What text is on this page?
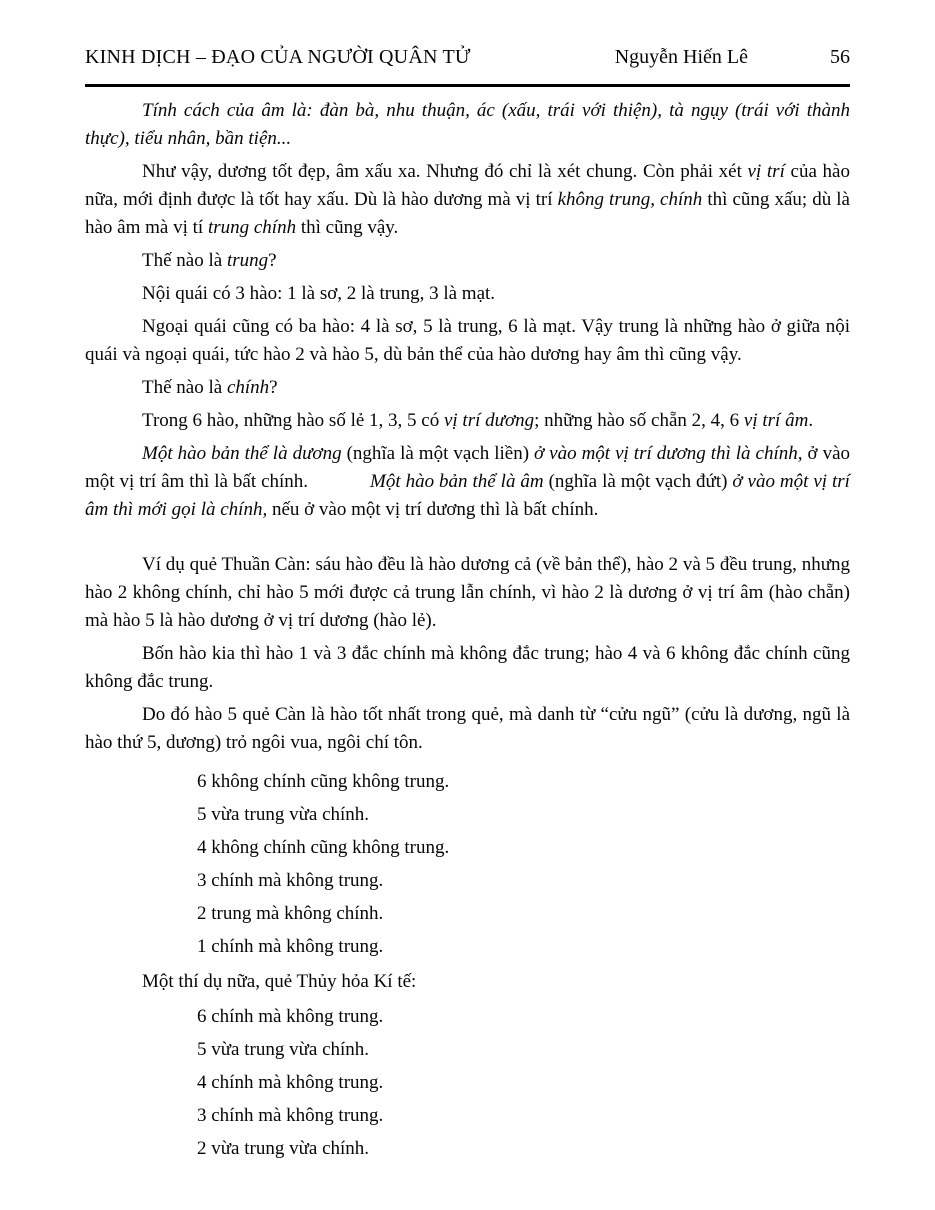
KINH DỊCH – ĐẠO CỦA NGƯỜI QUÂN TỬ	Nguyễn Hiến Lê	56

Tính cách của âm là: đàn bà, nhu thuận, ác (xấu, trái với thiện), tà ngụy (trái với thành thực), tiểu nhân, bần tiện...

Như vậy, dương tốt đẹp, âm xấu xa. Nhưng đó chỉ là xét chung. Còn phải xét vị trí của hào nữa, mới định được là tốt hay xấu. Dù là hào dương mà vị trí không trung, chính thì cũng xấu; dù là hào âm mà vị tí trung chính thì cũng vậy.

Thế nào là trung?

Nội quái có 3 hào: 1 là sơ, 2 là trung, 3 là mạt.

Ngoại quái cũng có ba hào: 4 là sơ, 5 là trung, 6 là mạt. Vậy trung là những hào ở giữa nội quái và ngoại quái, tức hào 2 và hào 5, dù bản thể của hào dương hay âm thì cũng vậy.

Thế nào là chính?

Trong 6 hào, những hào số lẻ 1, 3, 5 có vị trí dương; những hào số chẵn 2, 4, 6 vị trí âm.

Một hào bản thể là dương (nghĩa là một vạch liền) ở vào một vị trí dương thì là chính, ở vào một vị trí âm thì là bất chính.	Một hào bản thể là âm (nghĩa là một vạch đứt) ở vào một vị trí âm thì mới gọi là chính, nếu ở vào một vị trí dương thì là bất chính.

Ví dụ quẻ Thuần Càn: sáu hào đều là hào dương cả (về bản thể), hào 2 và 5 đều trung, nhưng hào 2 không chính, chỉ hào 5 mới được cả trung lẫn chính, vì hào 2 là dương ở vị trí âm (hào chẵn) mà hào 5 là hào dương ở vị trí dương (hào lẻ).

Bốn hào kia thì hào 1 và 3 đắc chính mà không đắc trung; hào 4 và 6 không đắc chính cũng không đắc trung.

Do đó hào 5 quẻ Càn là hào tốt nhất trong quẻ, mà danh từ “cửu ngũ” (cửu là dương, ngũ là hào thứ 5, dương) trỏ ngôi vua, ngôi chí tôn.

6 không chính cũng không trung.
5 vừa trung vừa chính.
4 không chính cũng không trung.
3 chính mà không trung.
2 trung mà không chính.
1 chính mà không trung.

Một thí dụ nữa, quẻ Thủy hỏa Kí tế:

6 chính mà không trung.
5 vừa trung vừa chính.
4 chính mà không trung.
3 chính mà không trung.
2 vừa trung vừa chính.
